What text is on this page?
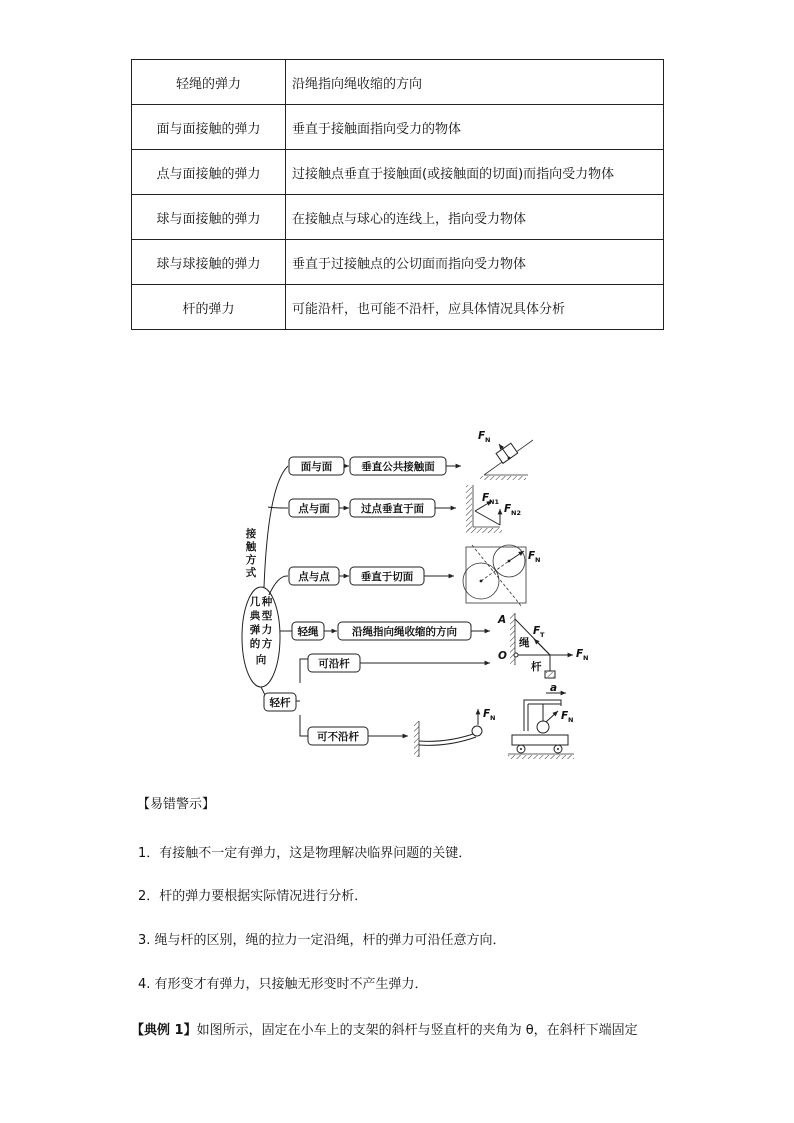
轻绳的弹力	沿绳指向绳收缩的方向
面与面接触的弹力	垂直于接触面指向受力的物体
点与面接触的弹力	过接触点垂直于接触面(或接触面的切面)而指向受力物体
球与面接触的弹力	在接触点与球心的连线上，指向受力物体
球与球接触的弹力	垂直于过接触点的公切面而指向受力物体
杆的弹力	可能沿杆，也可能不沿杆，应具体情况具体分析
接
触
方
式
几 种
典 型
弹 力
的 方
向
面与面	垂直公共接触面
点与面	过点垂直于面
点与点	垂直于切面
轻绳	沿绳指向绳收缩的方向
轻杆
可沿杆
可不沿杆
F N
F N1
F N2
F N
A
O
绳
杆
F T
F N
F N
a
F N
【易错警示】
1．有接触不一定有弹力，这是物理解决临界问题的关键．
2．杆的弹力要根据实际情况进行分析．
3. 绳与杆的区别，绳的拉力一定沿绳，杆的弹力可沿任意方向．
4. 有形变才有弹力，只接触无形变时不产生弹力．
【典例 1】如图所示，固定在小车上的支架的斜杆与竖直杆的夹角为 θ，在斜杆下端固定
